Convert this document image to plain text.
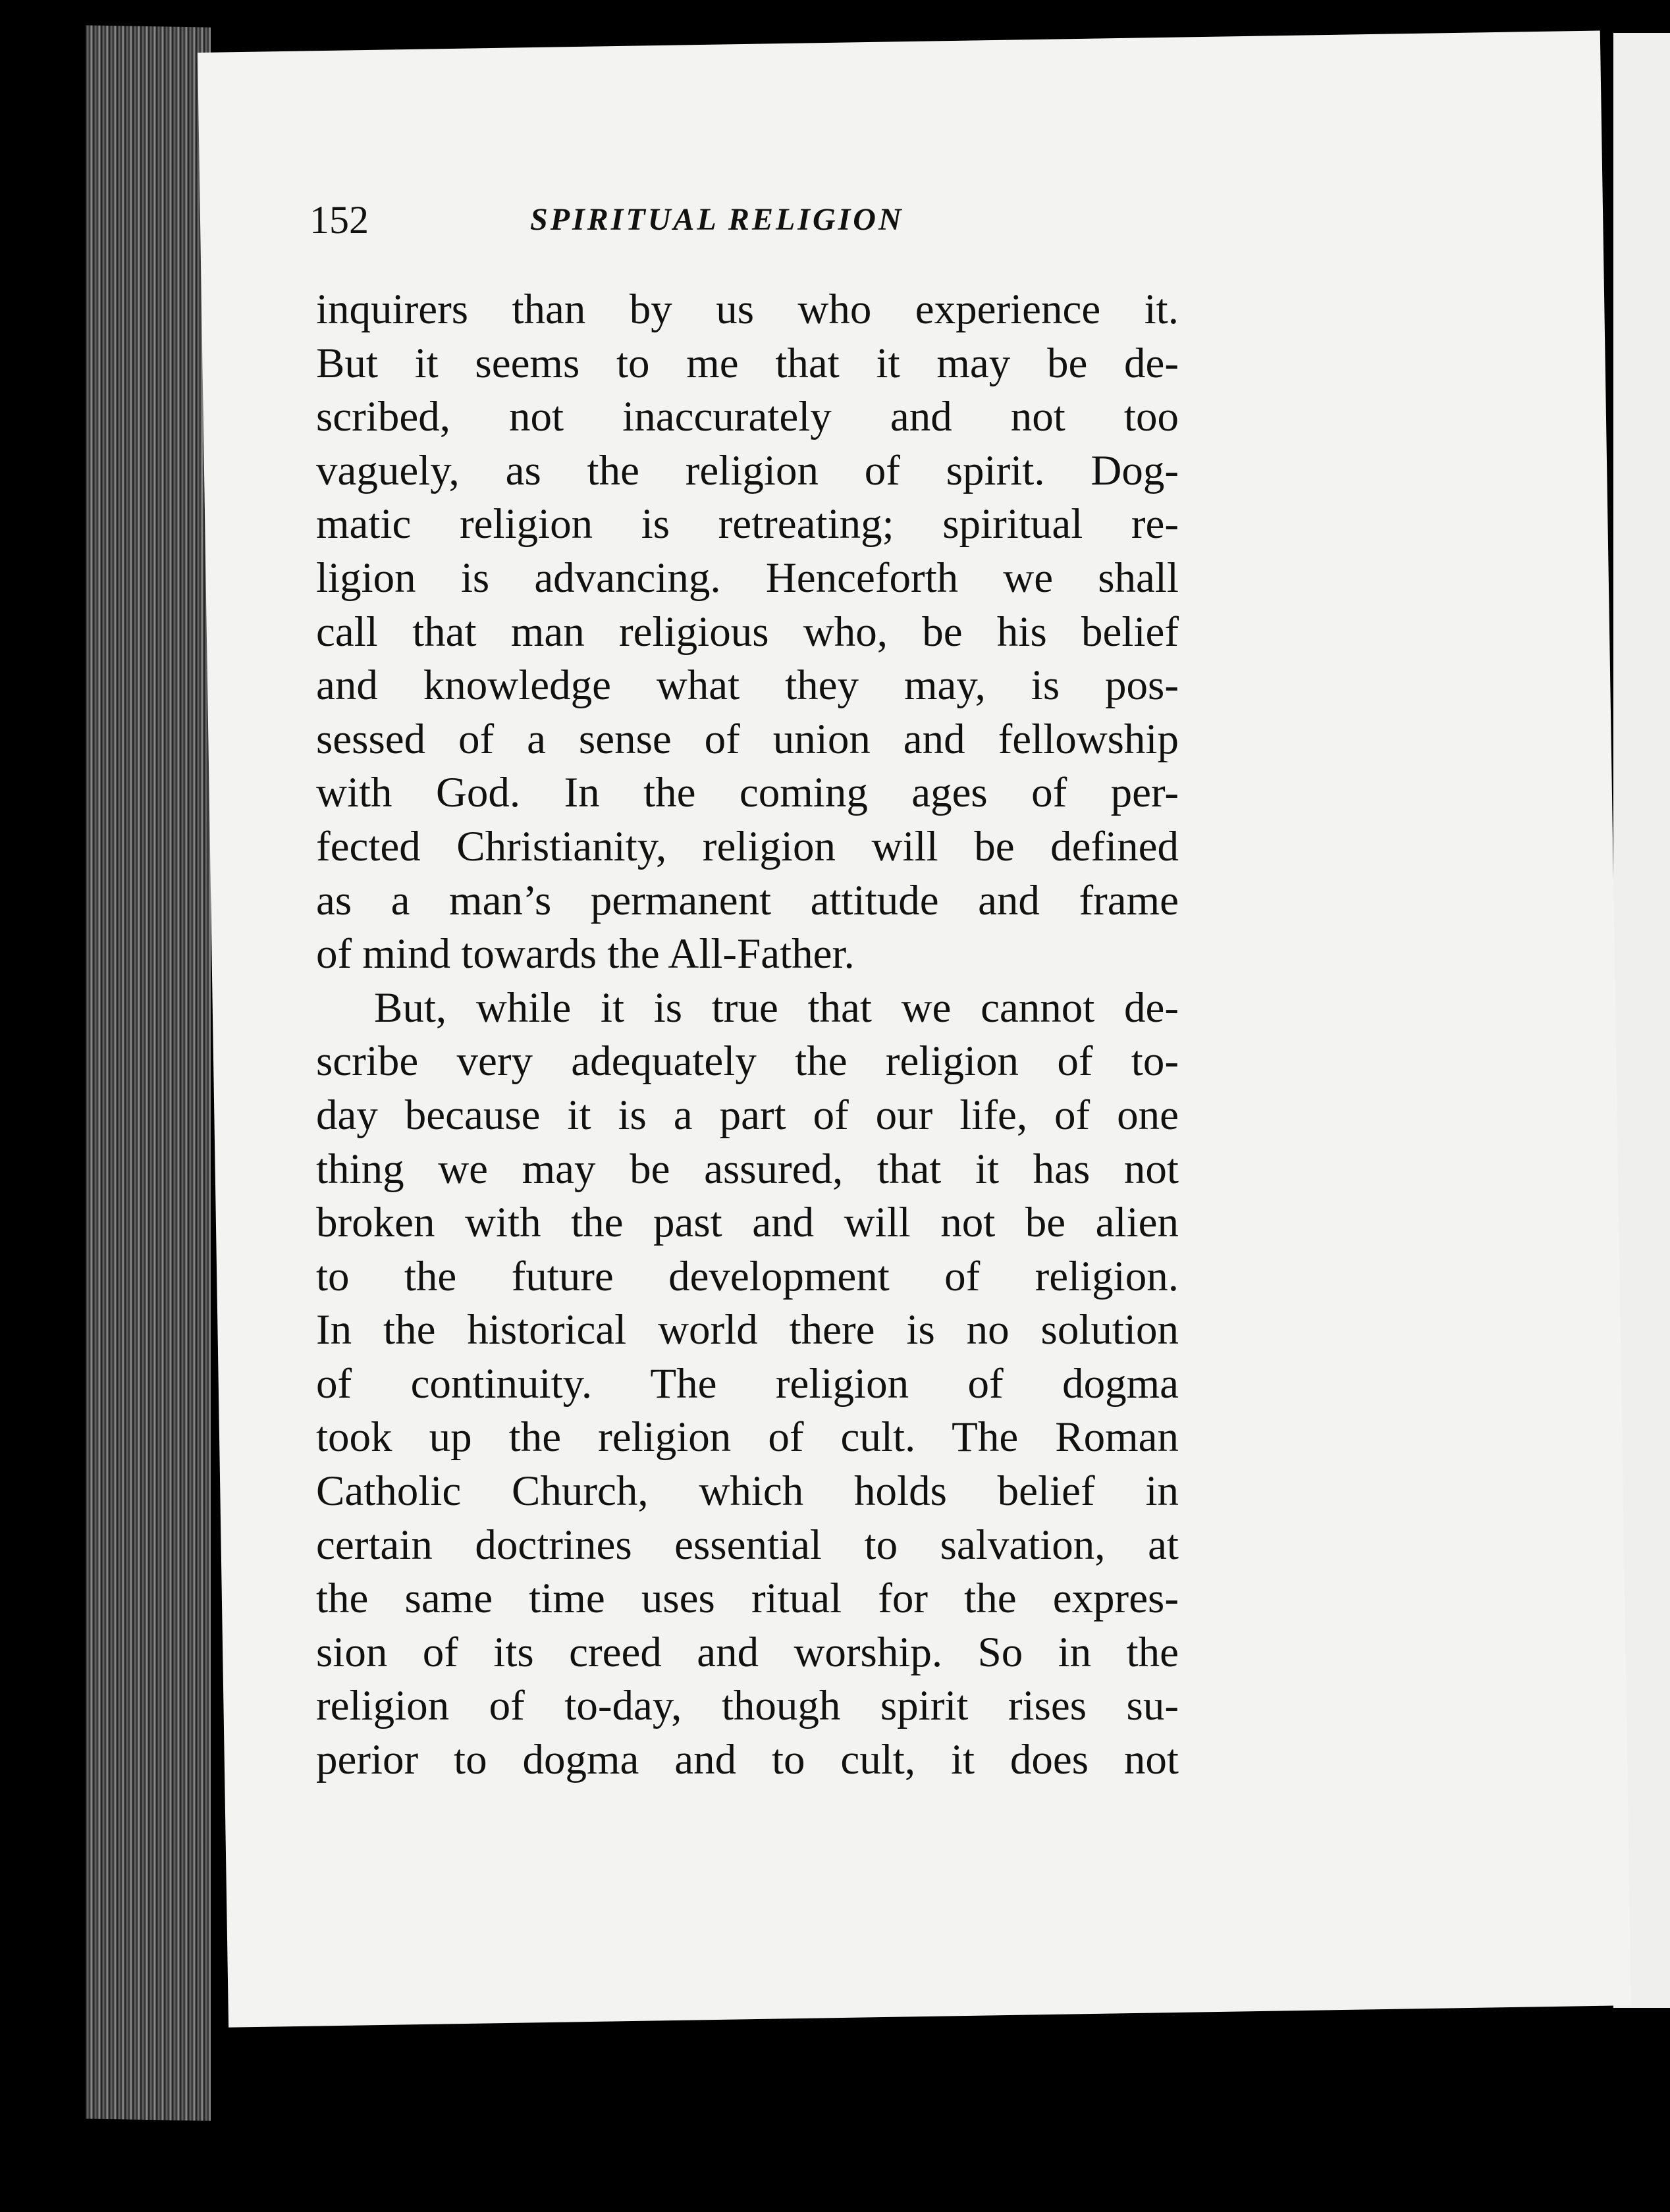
152	SPIRITUAL RELIGION
inquirers than by us who experience it.
But it seems to me that it may be de-
scribed, not inaccurately and not too
vaguely, as the religion of spirit. Dog-
matic religion is retreating; spiritual re-
ligion is advancing. Henceforth we shall
call that man religious who, be his belief
and knowledge what they may, is pos-
sessed of a sense of union and fellowship
with God. In the coming ages of per-
fected Christianity, religion will be defined
as a man’s permanent attitude and frame
of mind towards the All-Father.
But, while it is true that we cannot de-
scribe very adequately the religion of to-
day because it is a part of our life, of one
thing we may be assured, that it has not
broken with the past and will not be alien
to the future development of religion.
In the historical world there is no solution
of continuity. The religion of dogma
took up the religion of cult. The Roman
Catholic Church, which holds belief in
certain doctrines essential to salvation, at
the same time uses ritual for the expres-
sion of its creed and worship. So in the
religion of to-day, though spirit rises su-
perior to dogma and to cult, it does not
